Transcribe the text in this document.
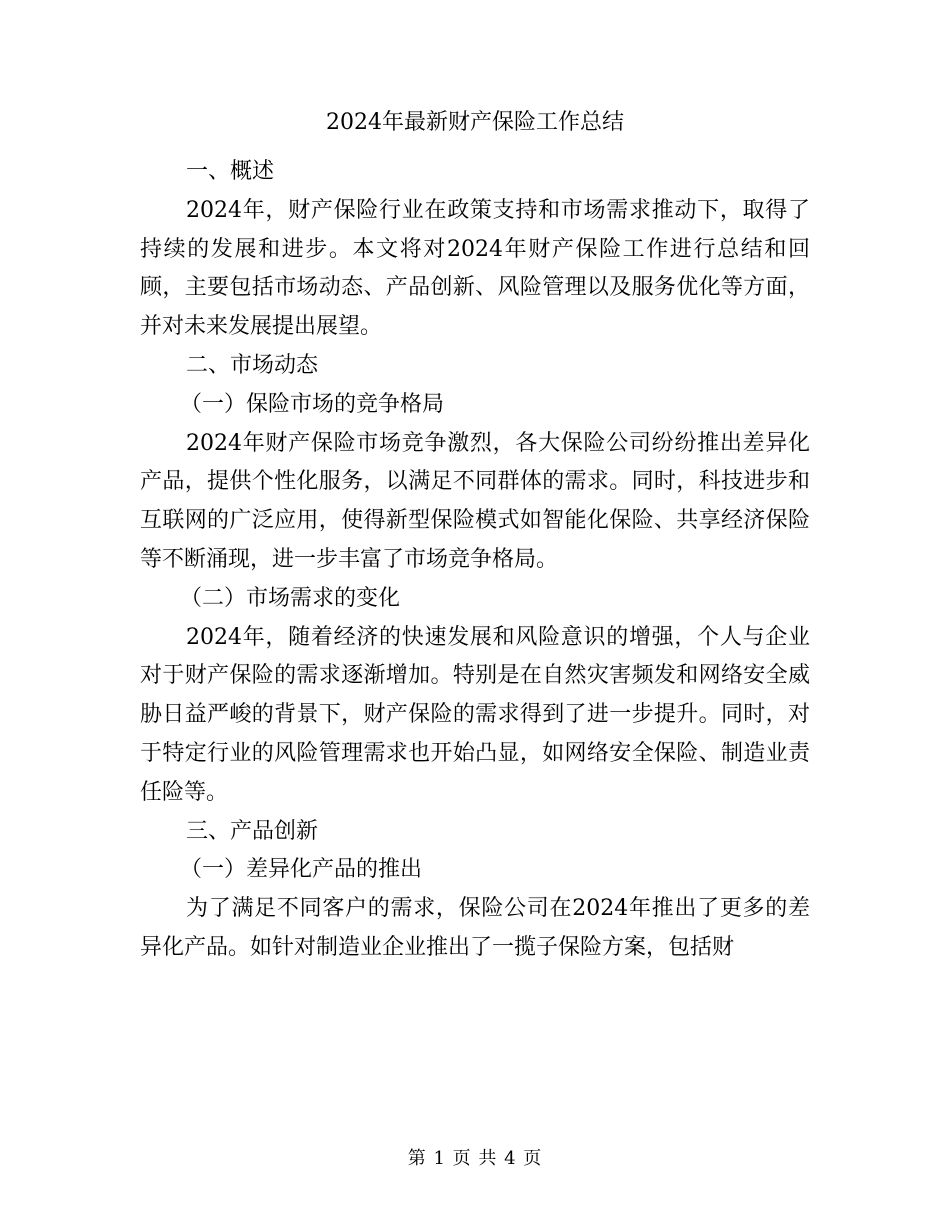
2024年最新财产保险工作总结

一、概述

2024年，财产保险行业在政策支持和市场需求推动下，取得了持续的发展和进步。本文将对2024年财产保险工作进行总结和回顾，主要包括市场动态、产品创新、风险管理以及服务优化等方面，并对未来发展提出展望。

二、市场动态

（一）保险市场的竞争格局

2024年财产保险市场竞争激烈，各大保险公司纷纷推出差异化产品，提供个性化服务，以满足不同群体的需求。同时，科技进步和互联网的广泛应用，使得新型保险模式如智能化保险、共享经济保险等不断涌现，进一步丰富了市场竞争格局。

（二）市场需求的变化

2024年，随着经济的快速发展和风险意识的增强，个人与企业对于财产保险的需求逐渐增加。特别是在自然灾害频发和网络安全威胁日益严峻的背景下，财产保险的需求得到了进一步提升。同时，对于特定行业的风险管理需求也开始凸显，如网络安全保险、制造业责任险等。

三、产品创新

（一）差异化产品的推出

为了满足不同客户的需求，保险公司在2024年推出了更多的差异化产品。如针对制造业企业推出了一揽子保险方案，包括财

第 1 页 共 4 页
